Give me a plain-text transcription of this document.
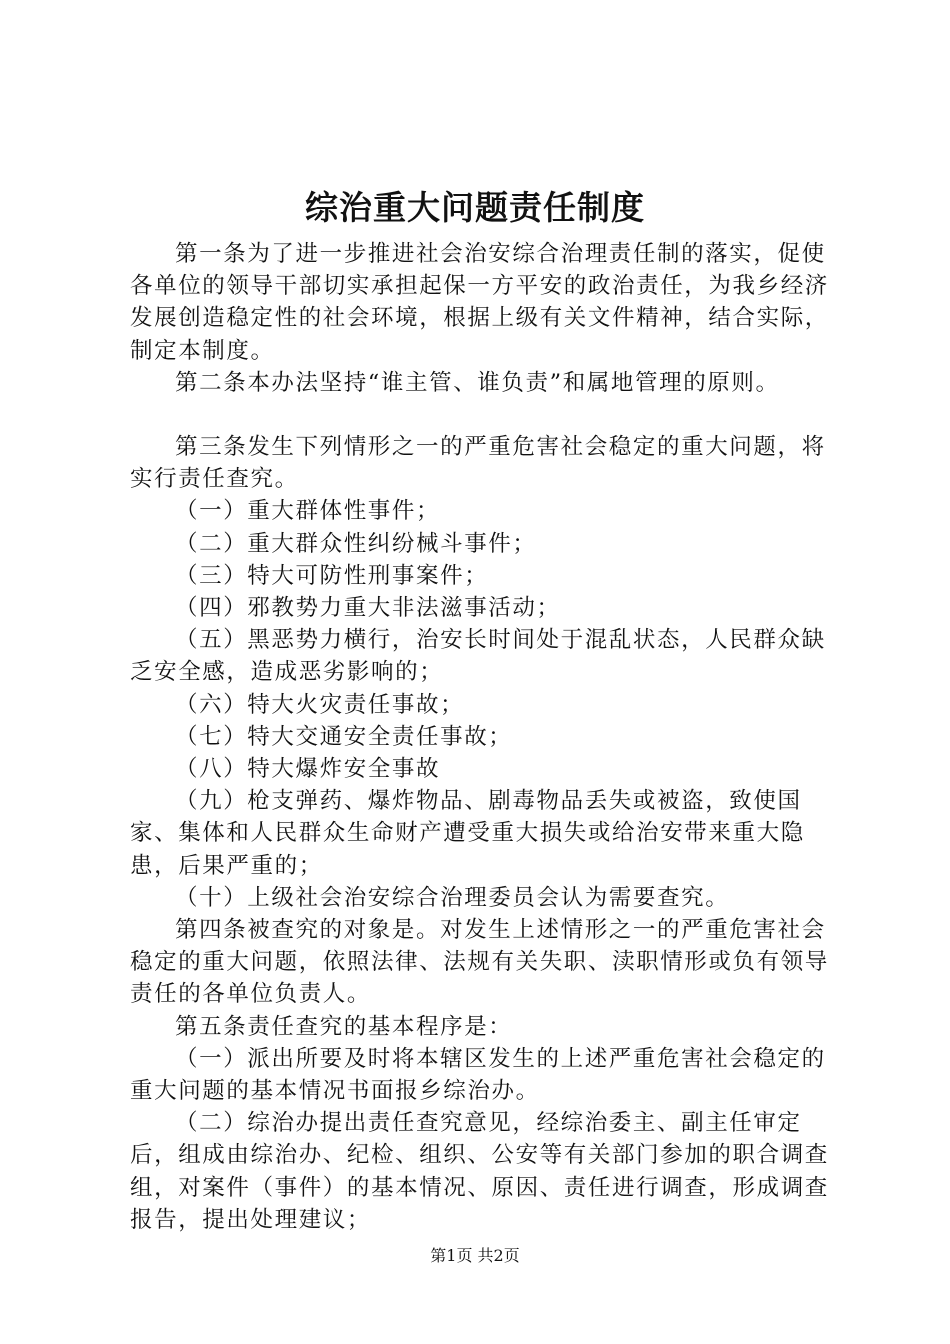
综治重大问题责任制度

第一条为了进一步推进社会治安综合治理责任制的落实，促使各单位的领导干部切实承担起保一方平安的政治责任，为我乡经济发展创造稳定性的社会环境，根据上级有关文件精神，结合实际，制定本制度。

第二条本办法坚持“谁主管、谁负责”和属地管理的原则。

第三条发生下列情形之一的严重危害社会稳定的重大问题，将实行责任查究。

（一）重大群体性事件；

（二）重大群众性纠纷械斗事件；

（三）特大可防性刑事案件；

（四）邪教势力重大非法滋事活动；

（五）黑恶势力横行，治安长时间处于混乱状态，人民群众缺乏安全感，造成恶劣影响的；

（六）特大火灾责任事故；

（七）特大交通安全责任事故；

（八）特大爆炸安全事故

（九）枪支弹药、爆炸物品、剧毒物品丢失或被盗，致使国家、集体和人民群众生命财产遭受重大损失或给治安带来重大隐患，后果严重的；

（十）上级社会治安综合治理委员会认为需要查究。

第四条被查究的对象是。对发生上述情形之一的严重危害社会稳定的重大问题，依照法律、法规有关失职、渎职情形或负有领导责任的各单位负责人。

第五条责任查究的基本程序是：

（一）派出所要及时将本辖区发生的上述严重危害社会稳定的重大问题的基本情况书面报乡综治办。

（二）综治办提出责任查究意见，经综治委主、副主任审定后，组成由综治办、纪检、组织、公安等有关部门参加的职合调查组，对案件（事件）的基本情况、原因、责任进行调查，形成调查报告，提出处理建议；

第1页 共2页
